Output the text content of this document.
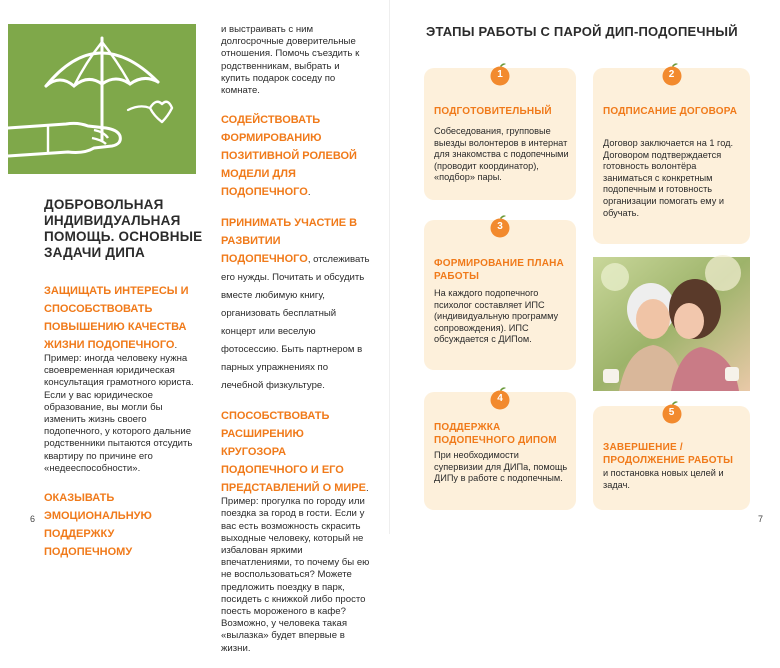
ДОБРОВОЛЬНАЯ ИНДИВИДУАЛЬНАЯ ПОМОЩЬ. ОСНОВНЫЕ ЗАДАЧИ ДИПА
ЗАЩИЩАТЬ ИНТЕРЕСЫ И СПОСОБСТВОВАТЬ ПОВЫШЕНИЮ КАЧЕСТВА ЖИЗНИ ПОДОПЕЧНОГО.
Пример: иногда человеку нужна своевременная юридическая консультация грамотного юриста. Если у вас юридическое образование, вы могли бы изменить жизнь своего подопечного, у которого дальние родственники пытаются отсудить квартиру по причине его «недееспособности».
ОКАЗЫВАТЬ ЭМОЦИОНАЛЬНУЮ ПОДДЕРЖКУ ПОДОПЕЧНОМУ
и выстраивать с ним долгосрочные доверительные отношения. Помочь съездить к родственникам, выбрать и купить подарок соседу по комнате.
СОДЕЙСТВОВАТЬ ФОРМИРОВАНИЮ ПОЗИТИВНОЙ РОЛЕВОЙ МОДЕЛИ ДЛЯ ПОДОПЕЧНОГО.
ПРИНИМАТЬ УЧАСТИЕ В РАЗВИТИИ ПОДОПЕЧНОГО, отслеживать его нужды. Почитать и обсудить вместе любимую книгу, организовать бесплатный концерт или веселую фотосессию. Быть партнером в парных упражнениях по лечебной физкультуре.
СПОСОБСТВОВАТЬ РАСШИРЕНИЮ КРУГОЗОРА ПОДОПЕЧНОГО И ЕГО ПРЕДСТАВЛЕНИЙ О МИРЕ.
Пример: прогулка по городу или поездка за город в гости. Если у вас есть возможность скрасить выходные человеку, который не избалован яркими впечатлениями, то почему бы ею не воспользоваться? Можете предложить поездку в парк, посидеть с книжкой либо просто поесть мороженого в кафе? Возможно, у человека такая «вылазка» будет впервые в жизни.
6
ЭТАПЫ РАБОТЫ С ПАРОЙ ДИП-ПОДОПЕЧНЫЙ
1
ПОДГОТОВИТЕЛЬНЫЙ
Собеседования, групповые выезды волонтеров в интернат для знакомства с подопечными (проводит координатор), «подбор» пары.
2
ПОДПИСАНИЕ ДОГОВОРА
Договор заключается на 1 год. Договором подтверждается готовность волонтёра заниматься с конкретным подопечным и готовность организации помогать ему и обучать.
3
ФОРМИРОВАНИЕ ПЛАНА РАБОТЫ
На каждого подопечного психолог составляет ИПС (индивидуальную программу сопровождения). ИПС обсуждается с ДИПом.
4
ПОДДЕРЖКА ПОДОПЕЧНОГО ДИПОМ
При необходимости супервизии для ДИПа, помощь ДИПу в работе с подопечным.
5
ЗАВЕРШЕНИЕ / ПРОДОЛЖЕНИЕ РАБОТЫ
и постановка новых целей и задач.
7
